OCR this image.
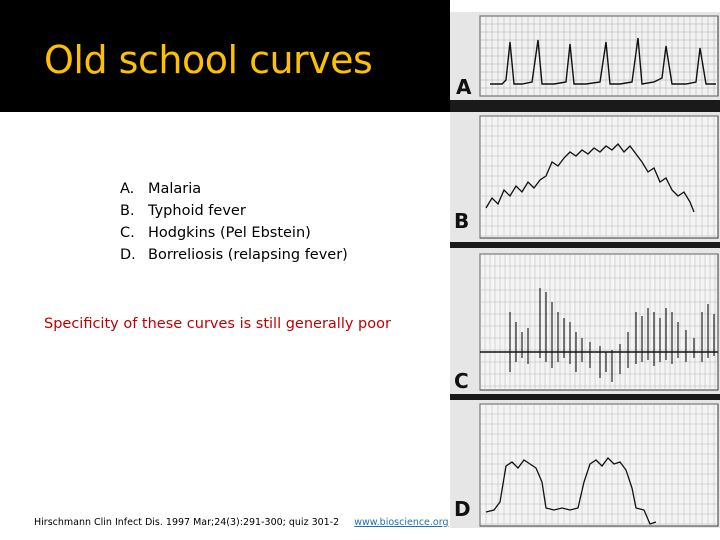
Old school curves
A. Malaria
B. Typhoid fever
C. Hodgkins (Pel Ebstein)
D. Borreliosis (relapsing fever)
Specificity of these curves is still generally poor
Hirschmann Clin Infect Dis. 1997 Mar;24(3):291-300; quiz 301-2 www.bioscience.org
A
B
C
D
